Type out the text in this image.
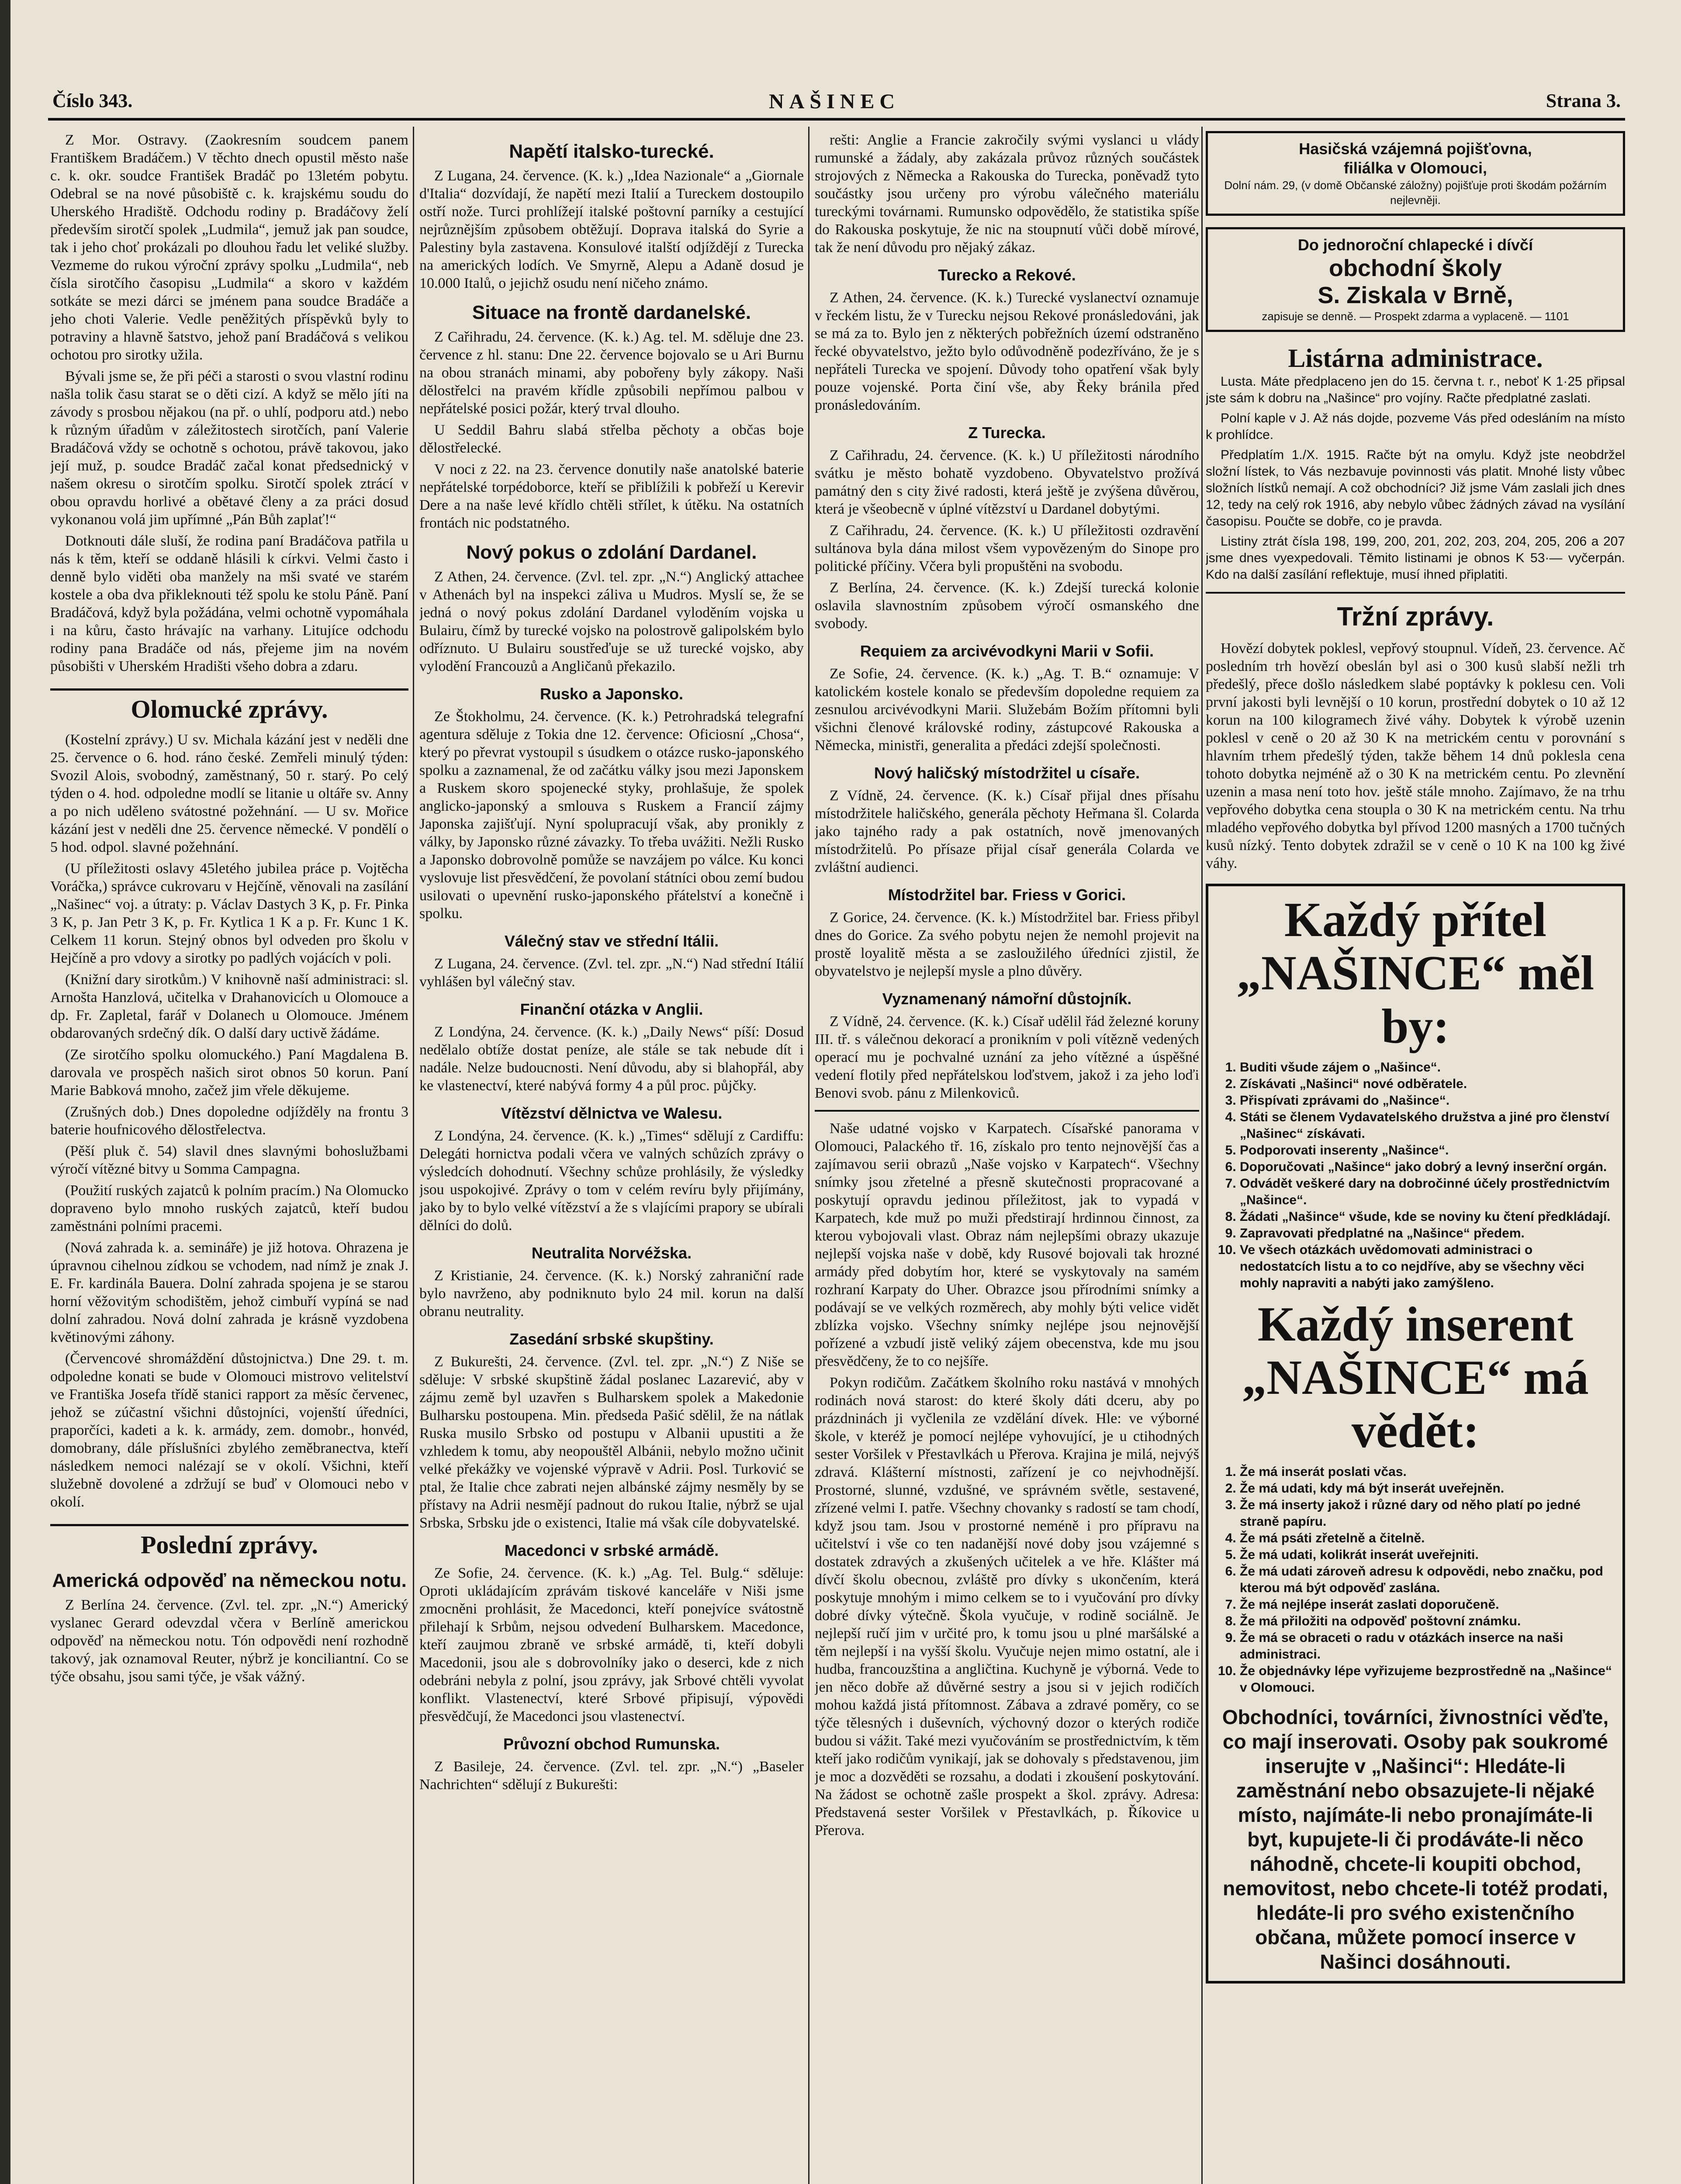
Číslo 343.	NAŠINEC	Strana 3.

Z Mor. Ostravy. (Zaokresním soudcem panem Františkem Bradáčem.) V těchto dnech opustil město naše c. k. okr. soudce František Bradáč po 13letém pobytu. Odebral se na nové působiště c. k. krajskému soudu do Uherského Hradiště. Odchodu rodiny p. Bradáčovy želí především sirotčí spolek „Ludmila“, jemuž jak pan soudce, tak i jeho choť prokázali po dlouhou řadu let veliké služby. Vezmeme do rukou výroční zprávy spolku „Ludmila“, neb čísla sirotčího časopisu „Ludmila“ a skoro v každém sotkáte se mezi dárci se jménem pana soudce Bradáče a jeho choti Valerie. Vedle peněžitých příspěvků byly to potraviny a hlavně šatstvo, jehož paní Bradáčová s velikou ochotou pro sirotky užila.

Bývali jsme se, že při péči a starosti o svou vlastní rodinu našla tolik času starat se o děti cizí. A když se mělo jíti na závody s prosbou nějakou (na př. o uhlí, podporu atd.) nebo k různým úřadům v záležitostech sirotčích, paní Valerie Bradáčová vždy se ochotně s ochotou, právě takovou, jako její muž, p. soudce Bradáč začal konat předsednický v našem okresu o sirotčím spolku. Sirotčí spolek ztrácí v obou opravdu horlivé a obětavé členy a za práci dosud vykonanou volá jim upřímné „Pán Bůh zaplať!“

Dotknouti dále sluší, že rodina paní Bradáčova patřila u nás k těm, kteří se oddaně hlásili k církvi. Velmi často i denně bylo viděti oba manžely na mši svaté ve starém kostele a oba dva přikleknouti též spolu ke stolu Páně. Paní Bradáčová, když byla požádána, velmi ochotně vypomáhala i na kůru, často hrávajíc na varhany. Litujíce odchodu rodiny pana Bradáče od nás, přejeme jim na novém působišti v Uherském Hradišti všeho dobra a zdaru.

Olomucké zprávy.

(Kostelní zprávy.) U sv. Michala kázání jest v neděli dne 25. července o 6. hod. ráno české. Zemřeli minulý týden: Svozil Alois, svobodný, zaměstnaný, 50 r. starý. Po celý týden o 4. hod. odpoledne modlí se litanie u oltáře sv. Anny a po nich uděleno svátostné požehnání. — U sv. Mořice kázání jest v neděli dne 25. července německé. V pondělí o 5 hod. odpol. slavné požehnání.

(U příležitosti oslavy 45letého jubilea práce p. Vojtěcha Voráčka,) správce cukrovaru v Hejčíně, věnovali na zasílání „Našinec“ voj. a útraty: p. Václav Dastych 3 K, p. Fr. Pinka 3 K, p. Jan Petr 3 K, p. Fr. Kytlica 1 K a p. Fr. Kunc 1 K. Celkem 11 korun. Stejný obnos byl odveden pro školu v Hejčíně a pro vdovy a sirotky po padlých vojácích v poli.

(Knižní dary sirotkům.) V knihovně naší administraci: sl. Arnošta Hanzlová, učitelka v Drahanovicích u Olomouce a dp. Fr. Zapletal, farář v Dolanech u Olomouce. Jménem obdarovaných srdečný dík. O další dary uctivě žádáme.

(Ze sirotčího spolku olomuckého.) Paní Magdalena B. darovala ve prospěch našich sirot obnos 50 korun. Paní Marie Babková mnoho, začež jim vřele děkujeme.

(Zrušných dob.) Dnes dopoledne odjížděly na frontu 3 baterie houfnicového dělostřelectva.

(Pěší pluk č. 54) slavil dnes slavnými bohoslužbami výročí vítězné bitvy u Somma Campagna.

(Použití ruských zajatců k polním pracím.) Na Olomucko dopraveno bylo mnoho ruských zajatců, kteří budou zaměstnáni polními pracemi.

(Nová zahrada k. a. semináře) je již hotova. Ohrazena je úpravnou cihelnou zídkou se vchodem, nad nímž je znak J. E. Fr. kardinála Bauera. Dolní zahrada spojena je se starou horní věžovitým schodištěm, jehož cimbuří vypíná se nad dolní zahradou. Nová dolní zahrada je krásně vyzdobena květinovými záhony.

(Červencové shromáždění důstojnictva.) Dne 29. t. m. odpoledne konati se bude v Olomouci mistrovo velitelství ve Františka Josefa třídě stanici rapport za měsíc červenec, jehož se zúčastní všichni důstojníci, vojenští úředníci, praporčíci, kadeti a k. k. armády, zem. domobr., honvéd, domobrany, dále příslušníci zbylého zeměbranectva, kteří následkem nemoci nalézají se v okolí. Všichni, kteří služebně dovolené a zdržují se buď v Olomouci nebo v okolí.

Poslední zprávy.
Americká odpověď na německou notu.

Z Berlína 24. července. (Zvl. tel. zpr. „N.“) Americký vyslanec Gerard odevzdal včera v Berlíně americkou odpověď na německou notu. Tón odpovědi není rozhodně takový, jak oznamoval Reuter, nýbrž je konciliantní. Co se týče obsahu, jsou sami týče, je však vážný.

Napětí italsko-turecké.

Z Lugana, 24. července. (K. k.) „Idea Nazionale“ a „Giornale d'Italia“ dozvídají, že napětí mezi Italií a Tureckem dostoupilo ostří nože. Turci prohlížejí italské poštovní parníky a cestující nejrůznějším způsobem obtěžují. Doprava italská do Syrie a Palestiny byla zastavena. Konsulové italští odjíždějí z Turecka na amerických lodích. Ve Smyrně, Alepu a Adaně dosud je 10.000 Italů, o jejichž osudu není ničeho známo.

Situace na frontě dardanelské.

Z Cařihradu, 24. července. (K. k.) Ag. tel. M. sděluje dne 23. července z hl. stanu: Dne 22. července bojovalo se u Ari Burnu na obou stranách minami, aby pobořeny byly zákopy. Naši dělostřelci na pravém křídle způsobili nepřímou palbou v nepřátelské posici požár, který trval dlouho.

U Seddil Bahru slabá střelba pěchoty a občas boje dělostřelecké.

V noci z 22. na 23. července donutily naše anatolské baterie nepřátelské torpédoborce, kteří se přiblížili k pobřeží u Kerevir Dere a na naše levé křídlo chtěli střílet, k útěku. Na ostatních frontách nic podstatného.

Nový pokus o zdolání Dardanel.

Z Athen, 24. července. (Zvl. tel. zpr. „N.“) Anglický attachee v Athenách byl na inspekci záliva u Mudros. Myslí se, že se jedná o nový pokus zdolání Dardanel vyloděním vojska u Bulairu, čímž by turecké vojsko na polostrově galipolském bylo odříznuto. U Bulairu soustřeďuje se už turecké vojsko, aby vylodění Francouzů a Angličanů překazilo.

Rusko a Japonsko.

Ze Štokholmu, 24. července. (K. k.) Petrohradská telegrafní agentura sděluje z Tokia dne 12. července: Oficiosní „Chosa“, který po převrat vystoupil s úsudkem o otázce rusko-japonského spolku a zaznamenal, že od začátku války jsou mezi Japonskem a Ruskem skoro spojenecké styky, prohlašuje, že spolek anglicko-japonský a smlouva s Ruskem a Francií zájmy Japonska zajišťují. Nyní spolupracují však, aby pronikly z války, by Japonsko různé závazky. To třeba uvážiti. Nežli Rusko a Japonsko dobrovolně pomůže se navzájem po válce. Ku konci vyslovuje list přesvědčení, že povolaní státníci obou zemí budou usilovati o upevnění rusko-japonského přátelství a konečně i spolku.

Válečný stav ve střední Itálii.

Z Lugana, 24. července. (Zvl. tel. zpr. „N.“) Nad střední Itálií vyhlášen byl válečný stav.

Finanční otázka v Anglii.

Z Londýna, 24. července. (K. k.) „Daily News“ píší: Dosud nedělalo obtíže dostat peníze, ale stále se tak nebude dít i nadále. Nelze budoucnosti. Není důvodu, aby si blahopřál, aby ke vlastenectví, které nabývá formy 4 a půl proc. půjčky.

Vítězství dělnictva ve Walesu.

Z Londýna, 24. července. (K. k.) „Times“ sdělují z Cardiffu: Delegáti hornictva podali včera ve valných schůzích zprávy o výsledcích dohodnutí. Všechny schůze prohlásily, že výsledky jsou uspokojivé. Zprávy o tom v celém revíru byly přijímány, jako by to bylo velké vítězství a že s vlajícími prapory se ubírali dělníci do dolů.

Neutralita Norvéžska.

Z Kristianie, 24. července. (K. k.) Norský zahraniční rade bylo navrženo, aby podniknuto bylo 24 mil. korun na další obranu neutrality.

Zasedání srbské skupštiny.

Z Bukurešti, 24. července. (Zvl. tel. zpr. „N.“) Z Niše se sděluje: V srbské skupštině žádal poslanec Lazarević, aby v zájmu země byl uzavřen s Bulharskem spolek a Makedonie Bulharsku postoupena. Min. předseda Pašić sdělil, že na nátlak Ruska musilo Srbsko od postupu v Albanii upustiti a že vzhledem k tomu, aby neopouštěl Albánii, nebylo možno učinit velké překážky ve vojenské výpravě v Adrii. Posl. Turković se ptal, že Italie chce zabrati nejen albánské zájmy nesměly by se přístavy na Adrii nesmějí padnout do rukou Italie, nýbrž se ujal Srbska, Srbsku jde o existenci, Italie má však cíle dobyvatelské.

Macedonci v srbské armádě.

Ze Sofie, 24. července. (K. k.) „Ag. Tel. Bulg.“ sděluje: Oproti ukládajícím zprávám tiskové kanceláře v Niši jsme zmocněni prohlásit, že Macedonci, kteří ponejvíce svátostně přilehají k Srbům, nejsou odvedení Bulharskem. Macedonce, kteří zaujmou zbraně ve srbské armádě, ti, kteří dobyli Macedonii, jsou ale s dobrovolníky jako o deserci, kde z nich odebráni nebyla z polní, jsou zprávy, jak Srbové chtěli vyvolat konflikt. Vlastenectví, které Srbové připisují, výpovědi přesvědčují, že Macedonci jsou vlastenectví.

Průvozní obchod Rumunska.

Z Basileje, 24. července. (Zvl. tel. zpr. „N.“) „Baseler Nachrichten“ sdělují z Bukurešti:

rešti: Anglie a Francie zakročily svými vyslanci u vlády rumunské a žádaly, aby zakázala průvoz různých součástek strojových z Německa a Rakouska do Turecka, poněvadž tyto součástky jsou určeny pro výrobu válečného materiálu tureckými továrnami. Rumunsko odpovědělo, že statistika spíše do Rakouska poskytuje, že nic na stoupnutí vůči době mírové, tak že není důvodu pro nějaký zákaz.

Turecko a Rekové.

Z Athen, 24. července. (K. k.) Turecké vyslanectví oznamuje v řeckém listu, že v Turecku nejsou Rekové pronásledováni, jak se má za to. Bylo jen z některých pobřežních území odstraněno řecké obyvatelstvo, ježto bylo odůvodněně podezříváno, že je s nepřáteli Turecka ve spojení. Důvody toho opatření však byly pouze vojenské. Porta činí vše, aby Řeky bránila před pronásledováním.

Z Turecka.

Z Cařihradu, 24. července. (K. k.) U příležitosti národního svátku je město bohatě vyzdobeno. Obyvatelstvo prožívá památný den s city živé radosti, která ještě je zvýšena důvěrou, která je všeobecně v úplné vítězství u Dardanel dobytými.

Z Cařihradu, 24. července. (K. k.) U příležitosti ozdravění sultánova byla dána milost všem vypovězeným do Sinope pro politické příčiny. Včera byli propuštěni na svobodu.

Z Berlína, 24. července. (K. k.) Zdejší turecká kolonie oslavila slavnostním způsobem výročí osmanského dne svobody.

Requiem za arcivévodkyni Marii v Sofii.

Ze Sofie, 24. července. (K. k.) „Ag. T. B.“ oznamuje: V katolickém kostele konalo se především dopoledne requiem za zesnulou arcivévodkyni Marii. Služebám Božím přítomni byli všichni členové královské rodiny, zástupcové Rakouska a Německa, ministři, generalita a předáci zdejší společnosti.

Nový haličský místodržitel u císaře.

Z Vídně, 24. července. (K. k.) Císař přijal dnes přísahu místodržitele haličského, generála pěchoty Heřmana šl. Colarda jako tajného rady a pak ostatních, nově jmenovaných místodržitelů. Po přísaze přijal císař generála Colarda ve zvláštní audienci.

Místodržitel bar. Friess v Gorici.

Z Gorice, 24. července. (K. k.) Místodržitel bar. Friess přibyl dnes do Gorice. Za svého pobytu nejen že nemohl projevit na prostě loyalitě města a se zasloužilého úředníci zjistil, že obyvatelstvo je nejlepší mysle a plno důvěry.

Vyznamenaný námořní důstojník.

Z Vídně, 24. července. (K. k.) Císař udělil řád železné koruny III. tř. s válečnou dekorací a pronikním v poli vítězně vedených operací mu je pochvalné uznání za jeho vítězné a úspěšné vedení flotily před nepřátelskou loďstvem, jakož i za jeho loďi Benovi svob. pánu z Milenkoviců.

Naše udatné vojsko v Karpatech. Císařské panorama v Olomouci, Palackého tř. 16, získalo pro tento nejnovější čas a zajímavou serii obrazů „Naše vojsko v Karpatech“. Všechny snímky jsou zřetelné a přesně skutečnosti propracované a poskytují opravdu jedinou příležitost, jak to vypadá v Karpatech, kde muž po muži předstirají hrdinnou činnost, za kterou vybojovali vlast. Obraz nám nejlepšími obrazy ukazuje nejlepší vojska naše v době, kdy Rusové bojovali tak hrozné armády před dobytím hor, které se vyskytovaly na samém rozhraní Karpaty do Uher. Obrazce jsou přírodními snímky a podávají se ve velkých rozměrech, aby mohly býti velice vidět zblízka vojsko. Všechny snímky nejlépe jsou nejnovější pořízené a vzbudí jistě veliký zájem obecenstva, kde mu jsou přesvědčeny, že to co nejšíře.

Pokyn rodičům. Začátkem školního roku nastává v mnohých rodinách nová starost: do které školy dáti dceru, aby po prázdninách ji vyčlenila ze vzdělání dívek. Hle: ve výborné škole, v kteréž je pomocí nejlépe vyhovující, je u ctihodných sester Voršilek v Přestavlkách u Přerova. Krajina je milá, nejvýš zdravá. Klášterní místnosti, zařízení je co nejvhodnější. Prostorné, slunné, vzdušné, ve správném světle, sestavené, zřízené velmi I. patře. Všechny chovanky s radostí se tam chodí, když jsou tam. Jsou v prostorné neméně i pro přípravu na učitelství i vše co ten nadanější nové doby jsou vzájemné s dostatek zdravých a zkušených učitelek a ve hře. Klášter má dívčí školu obecnou, zvláště pro dívky s ukončením, která poskytuje mnohým i mimo celkem se to i vyučování pro dívky dobré dívky výtečně. Škola vyučuje, v rodině sociálně. Je nejlepší ručí jim v určité pro, k tomu jsou u plné maršálské a těm nejlepší i na vyšší školu. Vyučuje nejen mimo ostatní, ale i hudba, francouzština a angličtina. Kuchyně je výborná. Vede to jen něco dobře až důvěrné sestry a jsou si v jejich rodičích mohou každá jistá přítomnost. Zábava a zdravé poměry, co se týče tělesných i duševních, výchovný dozor o kterých rodiče budou si vážit. Také mezi vyučováním se prostřednictvím, k těm kteří jako rodičům vynikají, jak se dohovaly s představenou, jim je moc a dozvěděti se rozsahu, a dodati i zkoušení poskytování. Na žádost se ochotně zašle prospekt a škol. zprávy. Adresa: Představená sester Voršilek v Přestavlkách, p. Říkovice u Přerova.

Hasičská vzájemná pojišťovna,
filiálka v Olomouci,
Dolní nám. 29, (v domě Občanské záložny) pojišťuje proti škodám požárním nejlevněji.
Do jednoroční chlapecké i dívčí
obchodní školy
S. Ziskala v Brně,
zapisuje se denně. — Prospekt zdarma a vyplaceně. — 1101
Listárna administrace.

Lusta. Máte předplaceno jen do 15. června t. r., neboť K 1·25 připsal jste sám k dobru na „Našince“ pro vojíny. Račte předplatné zaslati.

Polní kaple v J. Až nás dojde, pozveme Vás před odesláním na místo k prohlídce.

Předplatím 1./X. 1915. Račte být na omylu. Když jste neobdržel složní lístek, to Vás nezbavuje povinnosti vás platit. Mnohé listy vůbec složních lístků nemají. A což obchodníci? Již jsme Vám zaslali jich dnes 12, tedy na celý rok 1916, aby nebylo vůbec žádných závad na vysílání časopisu. Poučte se dobře, co je pravda.

Listiny ztrát čísla 198, 199, 200, 201, 202, 203, 204, 205, 206 a 207 jsme dnes vyexpedovali. Těmito listinami je obnos K 53·— vyčerpán. Kdo na další zasílání reflektuje, musí ihned připlatiti.

Tržní zprávy.

Hovězí dobytek poklesl, vepřový stoupnul. Vídeň, 23. července. Ač posledním trh hovězí obeslán byl asi o 300 kusů slabší nežli trh předešlý, přece došlo následkem slabé poptávky k poklesu cen. Voli první jakosti byli levnější o 10 korun, prostřední dobytek o 10 až 12 korun na 100 kilogramech živé váhy. Dobytek k výrobě uzenin poklesl v ceně o 20 až 30 K na metrickém centu v porovnání s hlavním trhem předešlý týden, takže během 14 dnů poklesla cena tohoto dobytka nejméně až o 30 K na metrickém centu. Po zlevnění uzenin a masa není toto hov. ještě stále mnoho. Zajímavo, že na trhu vepřového dobytka cena stoupla o 30 K na metrickém centu. Na trhu mladého vepřového dobytka byl přívod 1200 masných a 1700 tučných kusů nízký. Tento dobytek zdražil se v ceně o 10 K na 100 kg živé váhy.

Každý přítel „NAŠINCE“ měl by:
1. Buditi všude zájem o „Našince“.
2. Získávati „Našinci“ nové odběratele.
3. Přispívati zprávami do „Našince“.
4. Státi se členem Vydavatelského družstva a jiné pro členství „Našinec“ získávati.
5. Podporovati inserenty „Našince“.
6. Doporučovati „Našince“ jako dobrý a levný inserční orgán.
7. Odvádět veškeré dary na dobročinné účely prostřednictvím „Našince“.
8. Žádati „Našince“ všude, kde se noviny ku čtení předkládají.
9. Zapravovati předplatné na „Našince“ předem.
10. Ve všech otázkách uvědomovati administraci o nedostatcích listu a to co nejdříve, aby se všechny věci mohly napraviti a nabýti jako zamýšleno.
Každý inserent „NAŠINCE“ má vědět:
1. Že má inserát poslati včas.
2. Že má udati, kdy má být inserát uveřejněn.
3. Že má inserty jakož i různé dary od něho platí po jedné straně papíru.
4. Že má psáti zřetelně a čitelně.
5. Že má udati, kolikrát inserát uveřejniti.
6. Že má udati zároveň adresu k odpovědi, nebo značku, pod kterou má být odpověď zaslána.
7. Že má nejlépe inserát zaslati doporučeně.
8. Že má přiložiti na odpověď poštovní známku.
9. Že má se obraceti o radu v otázkách inserce na naši administraci.
10. Že objednávky lépe vyřizujeme bezprostředně na „Našince“ v Olomouci.
Obchodníci, továrníci, živnostníci věďte, co mají inserovati. Osoby pak soukromé inserujte v „Našinci“: Hledáte-li zaměstnání nebo obsazujete-li nějaké místo, najímáte-li nebo pronajímáte-li byt, kupujete-li či prodáváte-li něco náhodně, chcete-li koupiti obchod, nemovitost, nebo chcete-li totéž prodati, hledáte-li pro svého existenčního občana, můžete pomocí inserce v Našinci dosáhnouti.
